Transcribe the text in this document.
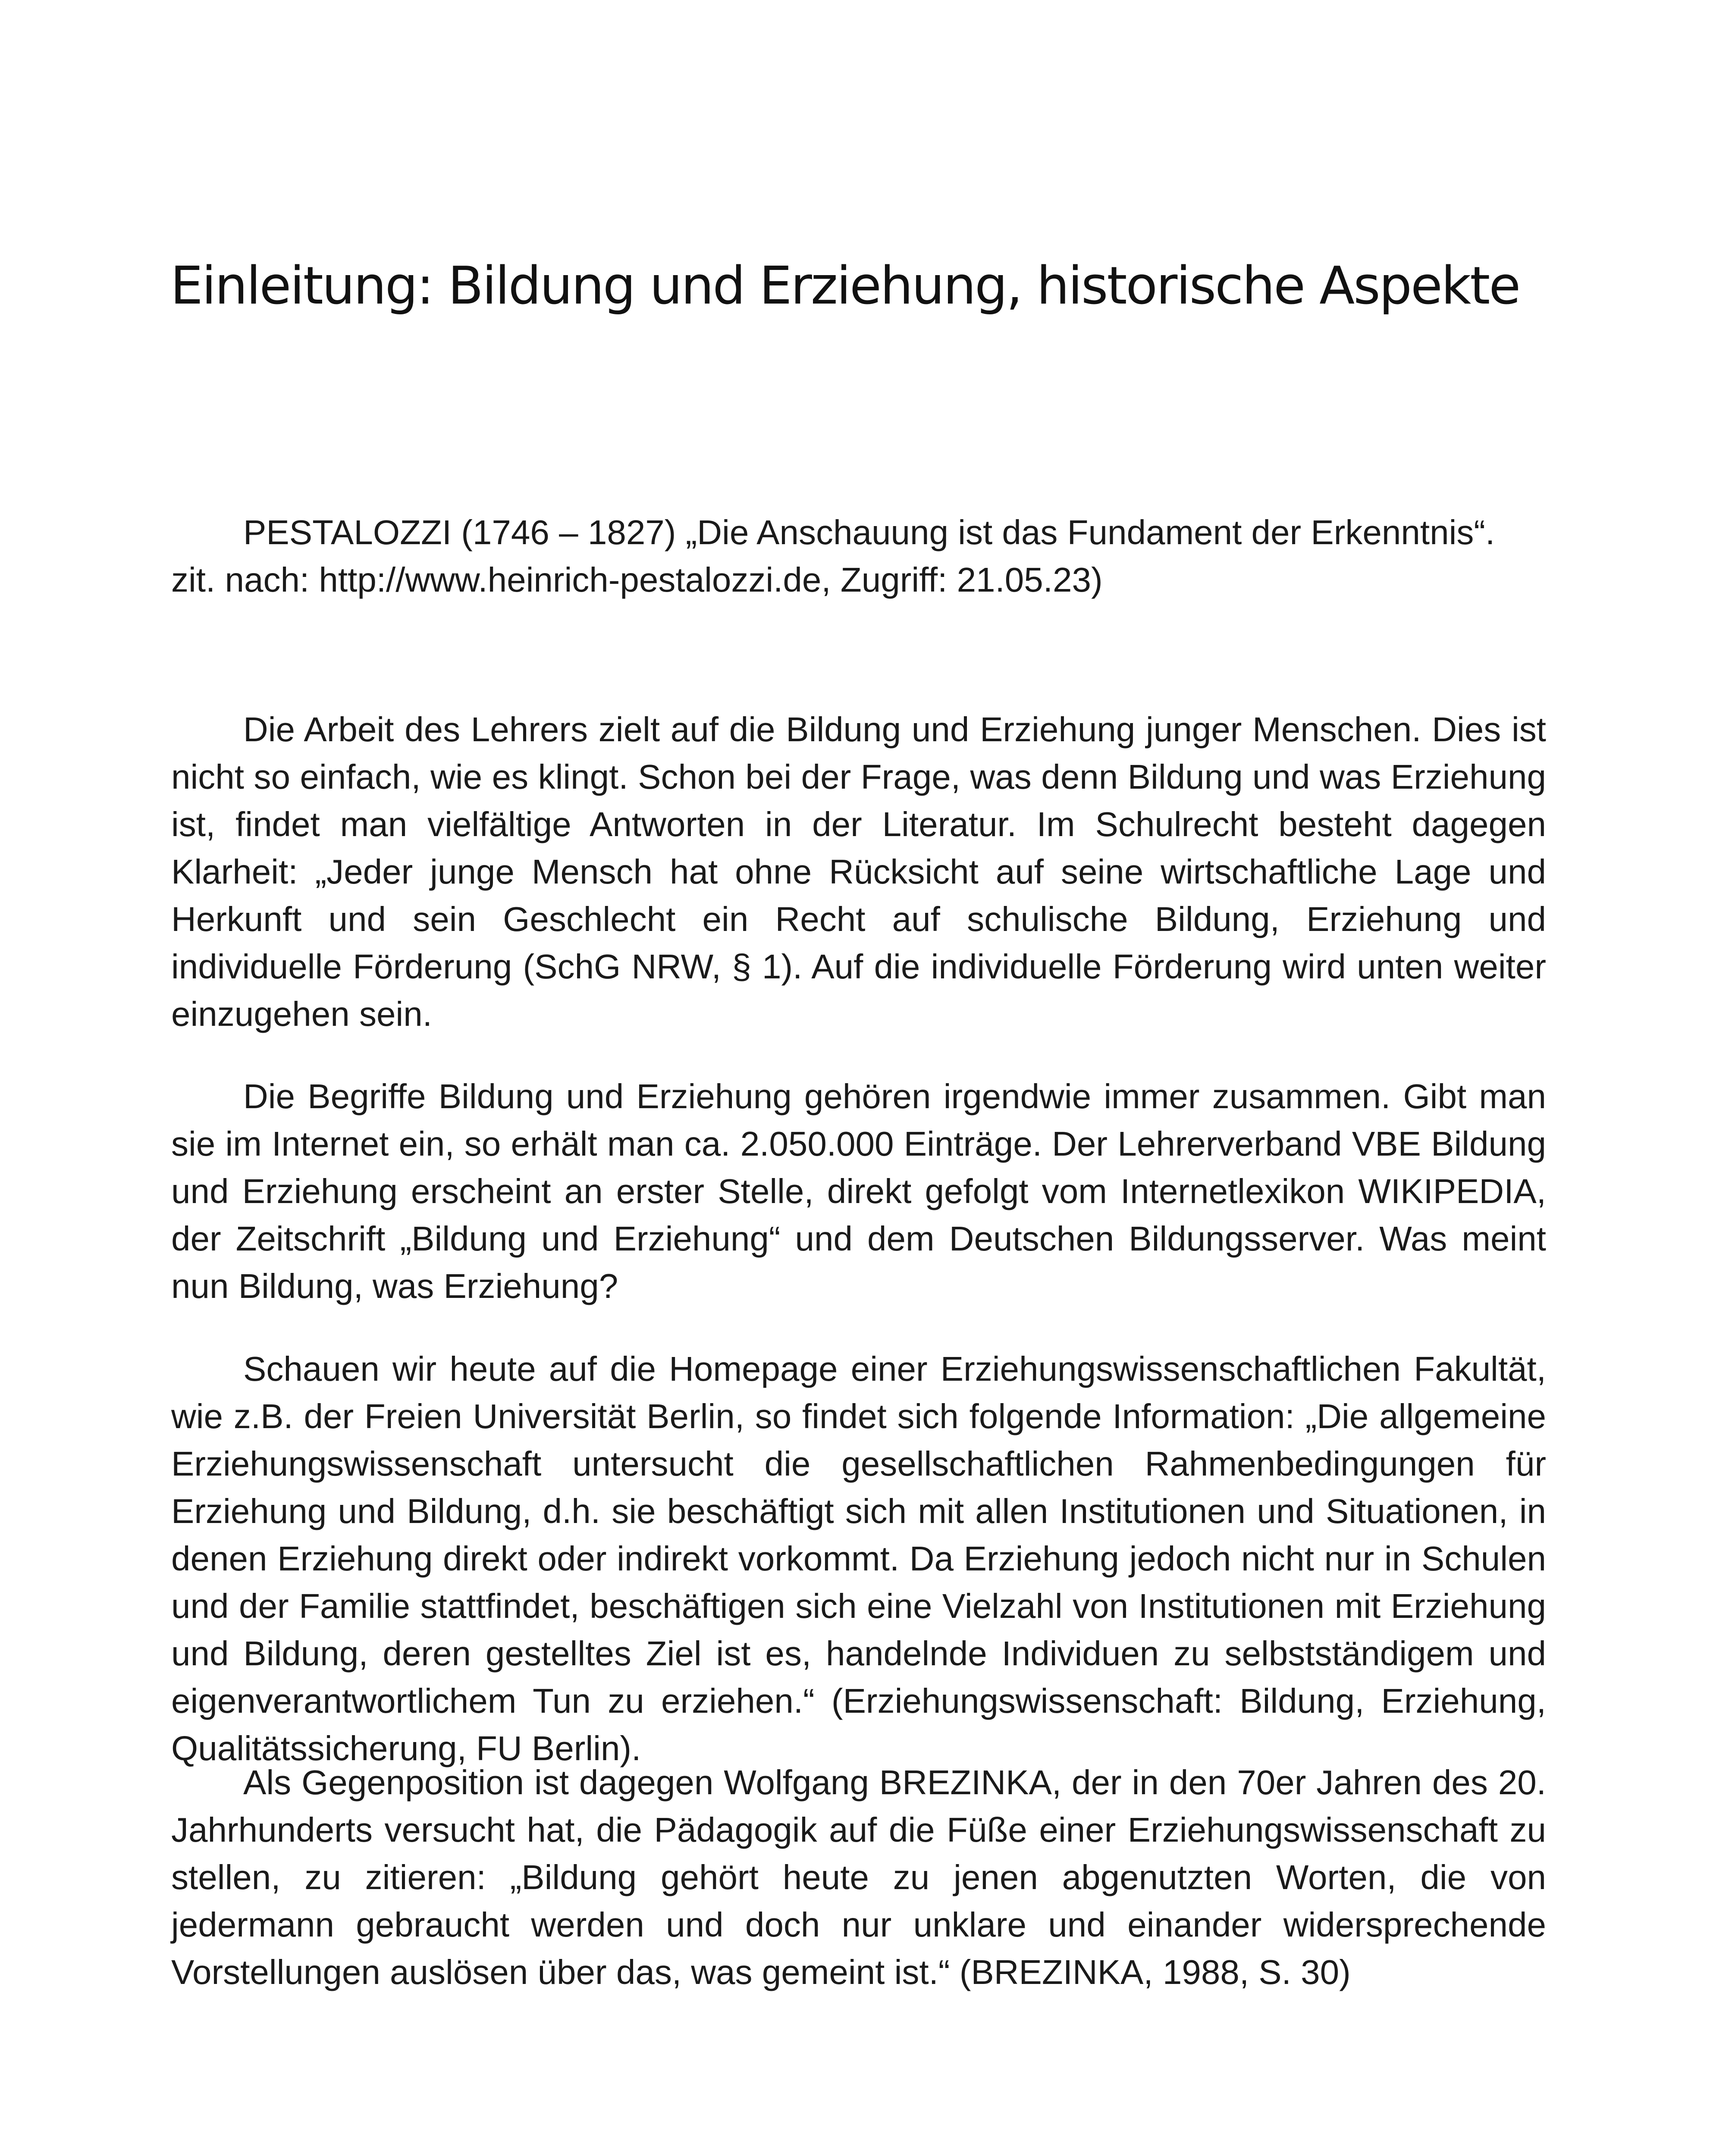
Einleitung: Bildung und Erziehung, historische Aspekte

PESTALOZZI (1746 – 1827) „Die Anschauung ist das Fundament der Erkenntnis“. zit. nach: http://www.heinrich-pestalozzi.de, Zugriff: 21.05.23)

Die Arbeit des Lehrers zielt auf die Bildung und Erziehung junger Menschen. Dies ist nicht so einfach, wie es klingt. Schon bei der Frage, was denn Bildung und was Erziehung ist, findet man vielfältige Antworten in der Literatur. Im Schulrecht besteht dagegen Klarheit: „Jeder junge Mensch hat ohne Rücksicht auf seine wirtschaftliche Lage und Herkunft und sein Geschlecht ein Recht auf schulische Bildung, Erziehung und individuelle Förderung (SchG NRW, § 1). Auf die individuelle Förderung wird unten weiter einzugehen sein.

Die Begriffe Bildung und Erziehung gehören irgendwie immer zusammen. Gibt man sie im Internet ein, so erhält man ca. 2.050.000 Einträge. Der Lehrerverband VBE Bildung und Erziehung erscheint an erster Stelle, direkt gefolgt vom Internetlexikon WIKIPEDIA, der Zeitschrift „Bildung und Erziehung“ und dem Deutschen Bildungsserver. Was meint nun Bildung, was Erziehung?

Schauen wir heute auf die Homepage einer Erziehungswissenschaftlichen Fakultät, wie z.B. der Freien Universität Berlin, so findet sich folgende Information: „Die allgemeine Erziehungswissenschaft untersucht die gesellschaftlichen Rahmenbedingungen für Erziehung und Bildung, d.h. sie beschäftigt sich mit allen Institutionen und Situationen, in denen Erziehung direkt oder indirekt vorkommt. Da Erziehung jedoch nicht nur in Schulen und der Familie stattfindet, beschäftigen sich eine Vielzahl von Institutionen mit Erziehung und Bildung, deren gestelltes Ziel ist es, handelnde Individuen zu selbstständigem und eigenverantwortlichem Tun zu erziehen.“ (Erziehungswissenschaft: Bildung, Erziehung, Qualitätssicherung, FU Berlin).

Als Gegenposition ist dagegen Wolfgang BREZINKA, der in den 70er Jahren des 20. Jahrhunderts versucht hat, die Pädagogik auf die Füße einer Erziehungswissenschaft zu stellen, zu zitieren: „Bildung gehört heute zu jenen abgenutzten Worten, die von jedermann gebraucht werden und doch nur unklare und einander widersprechende Vorstellungen auslösen über das, was gemeint ist.“ (BREZINKA, 1988, S. 30)
